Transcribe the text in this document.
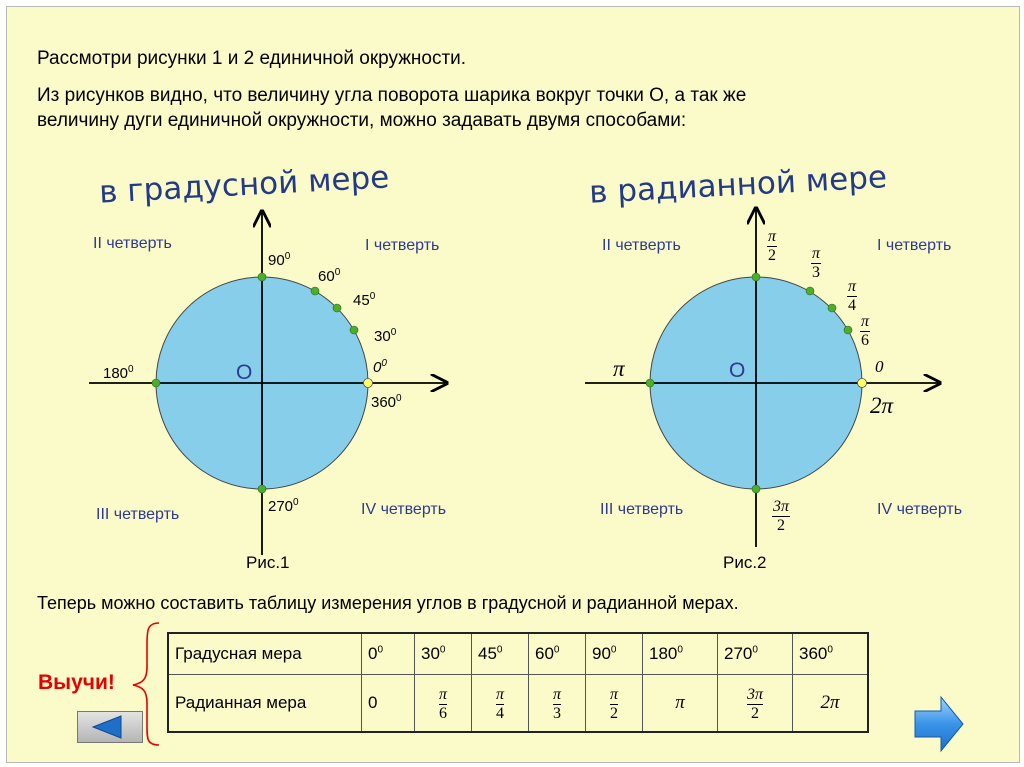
Рассмотри рисунки 1 и 2 единичной окружности.
Из рисунков видно, что величину угла поворота шарика вокруг точки О, а так же
величину дуги единичной окружности, можно задавать двумя способами:
в градусной мере	в радианной мере
II четверть	I четверть
III четверть	IV четверть
О
$90^0$
$60^0$
$45^0$
$30^0$
$0^0$
$180^0$
$360^0$
$270^0$
Рис.1
II четверть	I четверть
III четверть	IV четверть
О
π
2 π
3
π
4
π
6
0
2π
π
3π
2
Рис.2
Теперь можно составить таблицу измерения углов в градусной и радианной мерах.
Выучи!
Градусная мера	$0^0$	$30^0$	$45^0$	$60^0$	$90^0$	$180^0$	$270^0$	$360^0$
Радианная мера	0	$\frac{\pi}{6}$	$\frac{\pi}{4}$	$\frac{\pi}{3}$	$\frac{\pi}{2}$	π	$\frac{3\pi}{2}$	2π
